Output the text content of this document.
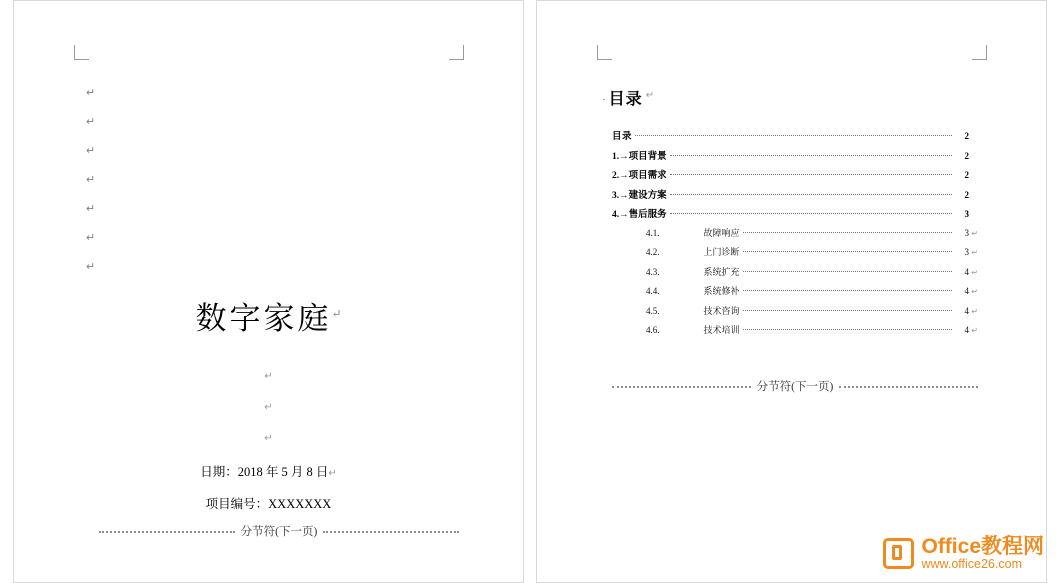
↵
↵
↵
↵
↵
↵
↵
数字家庭↵
↵
↵
↵
日期：2018 年 5 月 8 日↵
项目编号：XXXXXXX
分节符(下一页)
· 目录 ↵
目录	2
1.→ 项目背景	2
2.→ 项目需求	2
3.→ 建设方案	2
4.→ 售后服务	3
4.1.	故障响应	3 ↵
4.2.	上门诊断	3 ↵
4.3.	系统扩充	4 ↵
4.4.	系统修补	4 ↵
4.5.	技术咨询	4 ↵
4.6.	技术培训	4 ↵
分节符(下一页)
Office教程网
www.office26.com
